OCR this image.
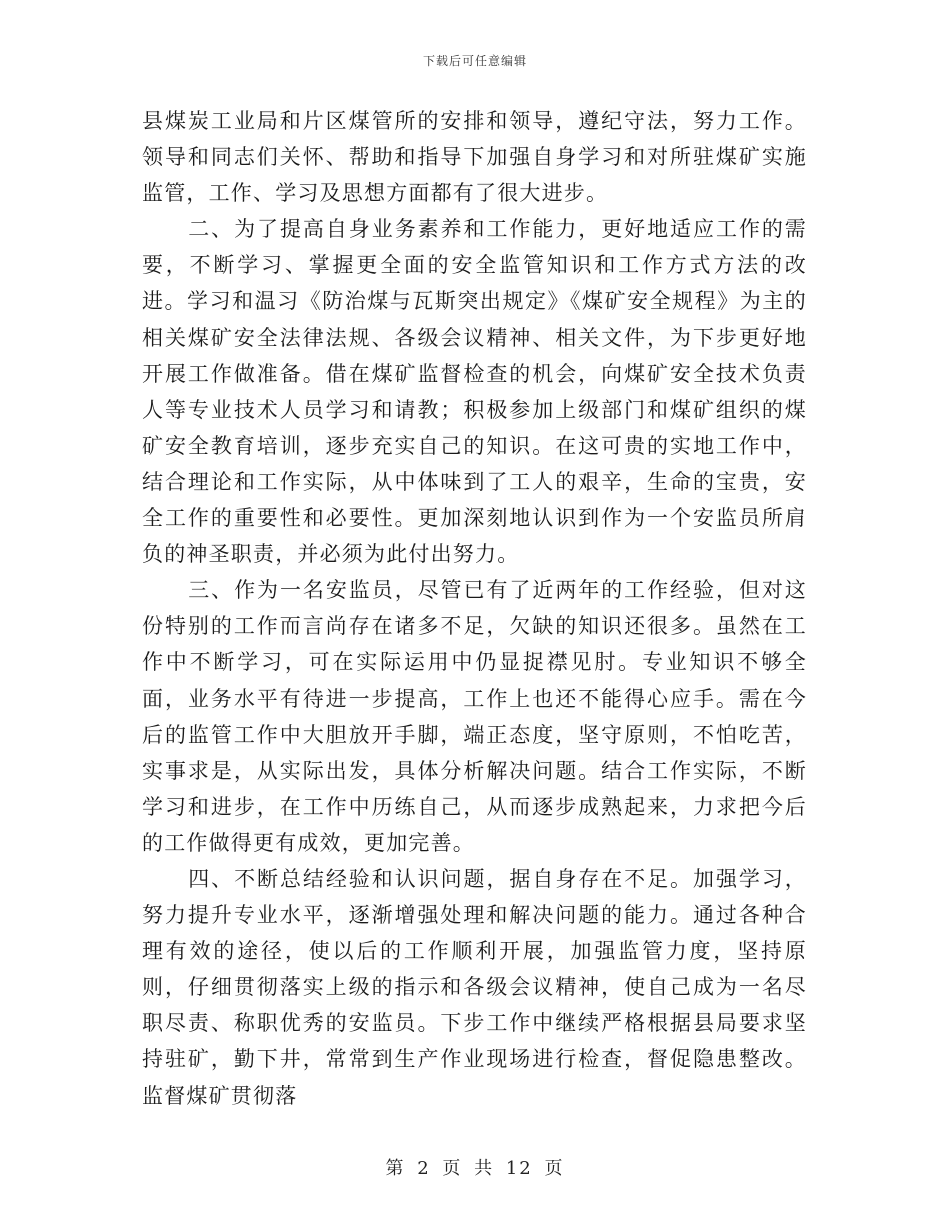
下载后可任意编辑

县煤炭工业局和片区煤管所的安排和领导，遵纪守法，努力工作。领导和同志们关怀、帮助和指导下加强自身学习和对所驻煤矿实施监管，工作、学习及思想方面都有了很大进步。

二、为了提高自身业务素养和工作能力，更好地适应工作的需要，不断学习、掌握更全面的安全监管知识和工作方式方法的改进。学习和温习《防治煤与瓦斯突出规定》《煤矿安全规程》为主的相关煤矿安全法律法规、各级会议精神、相关文件，为下步更好地开展工作做准备。借在煤矿监督检查的机会，向煤矿安全技术负责人等专业技术人员学习和请教；积极参加上级部门和煤矿组织的煤矿安全教育培训，逐步充实自己的知识。在这可贵的实地工作中，结合理论和工作实际，从中体味到了工人的艰辛，生命的宝贵，安全工作的重要性和必要性。更加深刻地认识到作为一个安监员所肩负的神圣职责，并必须为此付出努力。

三、作为一名安监员，尽管已有了近两年的工作经验，但对这份特别的工作而言尚存在诸多不足，欠缺的知识还很多。虽然在工作中不断学习，可在实际运用中仍显捉襟见肘。专业知识不够全面，业务水平有待进一步提高，工作上也还不能得心应手。需在今后的监管工作中大胆放开手脚，端正态度，坚守原则，不怕吃苦，实事求是，从实际出发，具体分析解决问题。结合工作实际，不断学习和进步，在工作中历练自己，从而逐步成熟起来，力求把今后的工作做得更有成效，更加完善。

四、不断总结经验和认识问题，据自身存在不足。加强学习，努力提升专业水平，逐渐增强处理和解决问题的能力。通过各种合理有效的途径，使以后的工作顺利开展，加强监管力度，坚持原则，仔细贯彻落实上级的指示和各级会议精神，使自己成为一名尽职尽责、称职优秀的安监员。下步工作中继续严格根据县局要求坚持驻矿，勤下井，常常到生产作业现场进行检查，督促隐患整改。监督煤矿贯彻落

第 2 页 共 12 页
